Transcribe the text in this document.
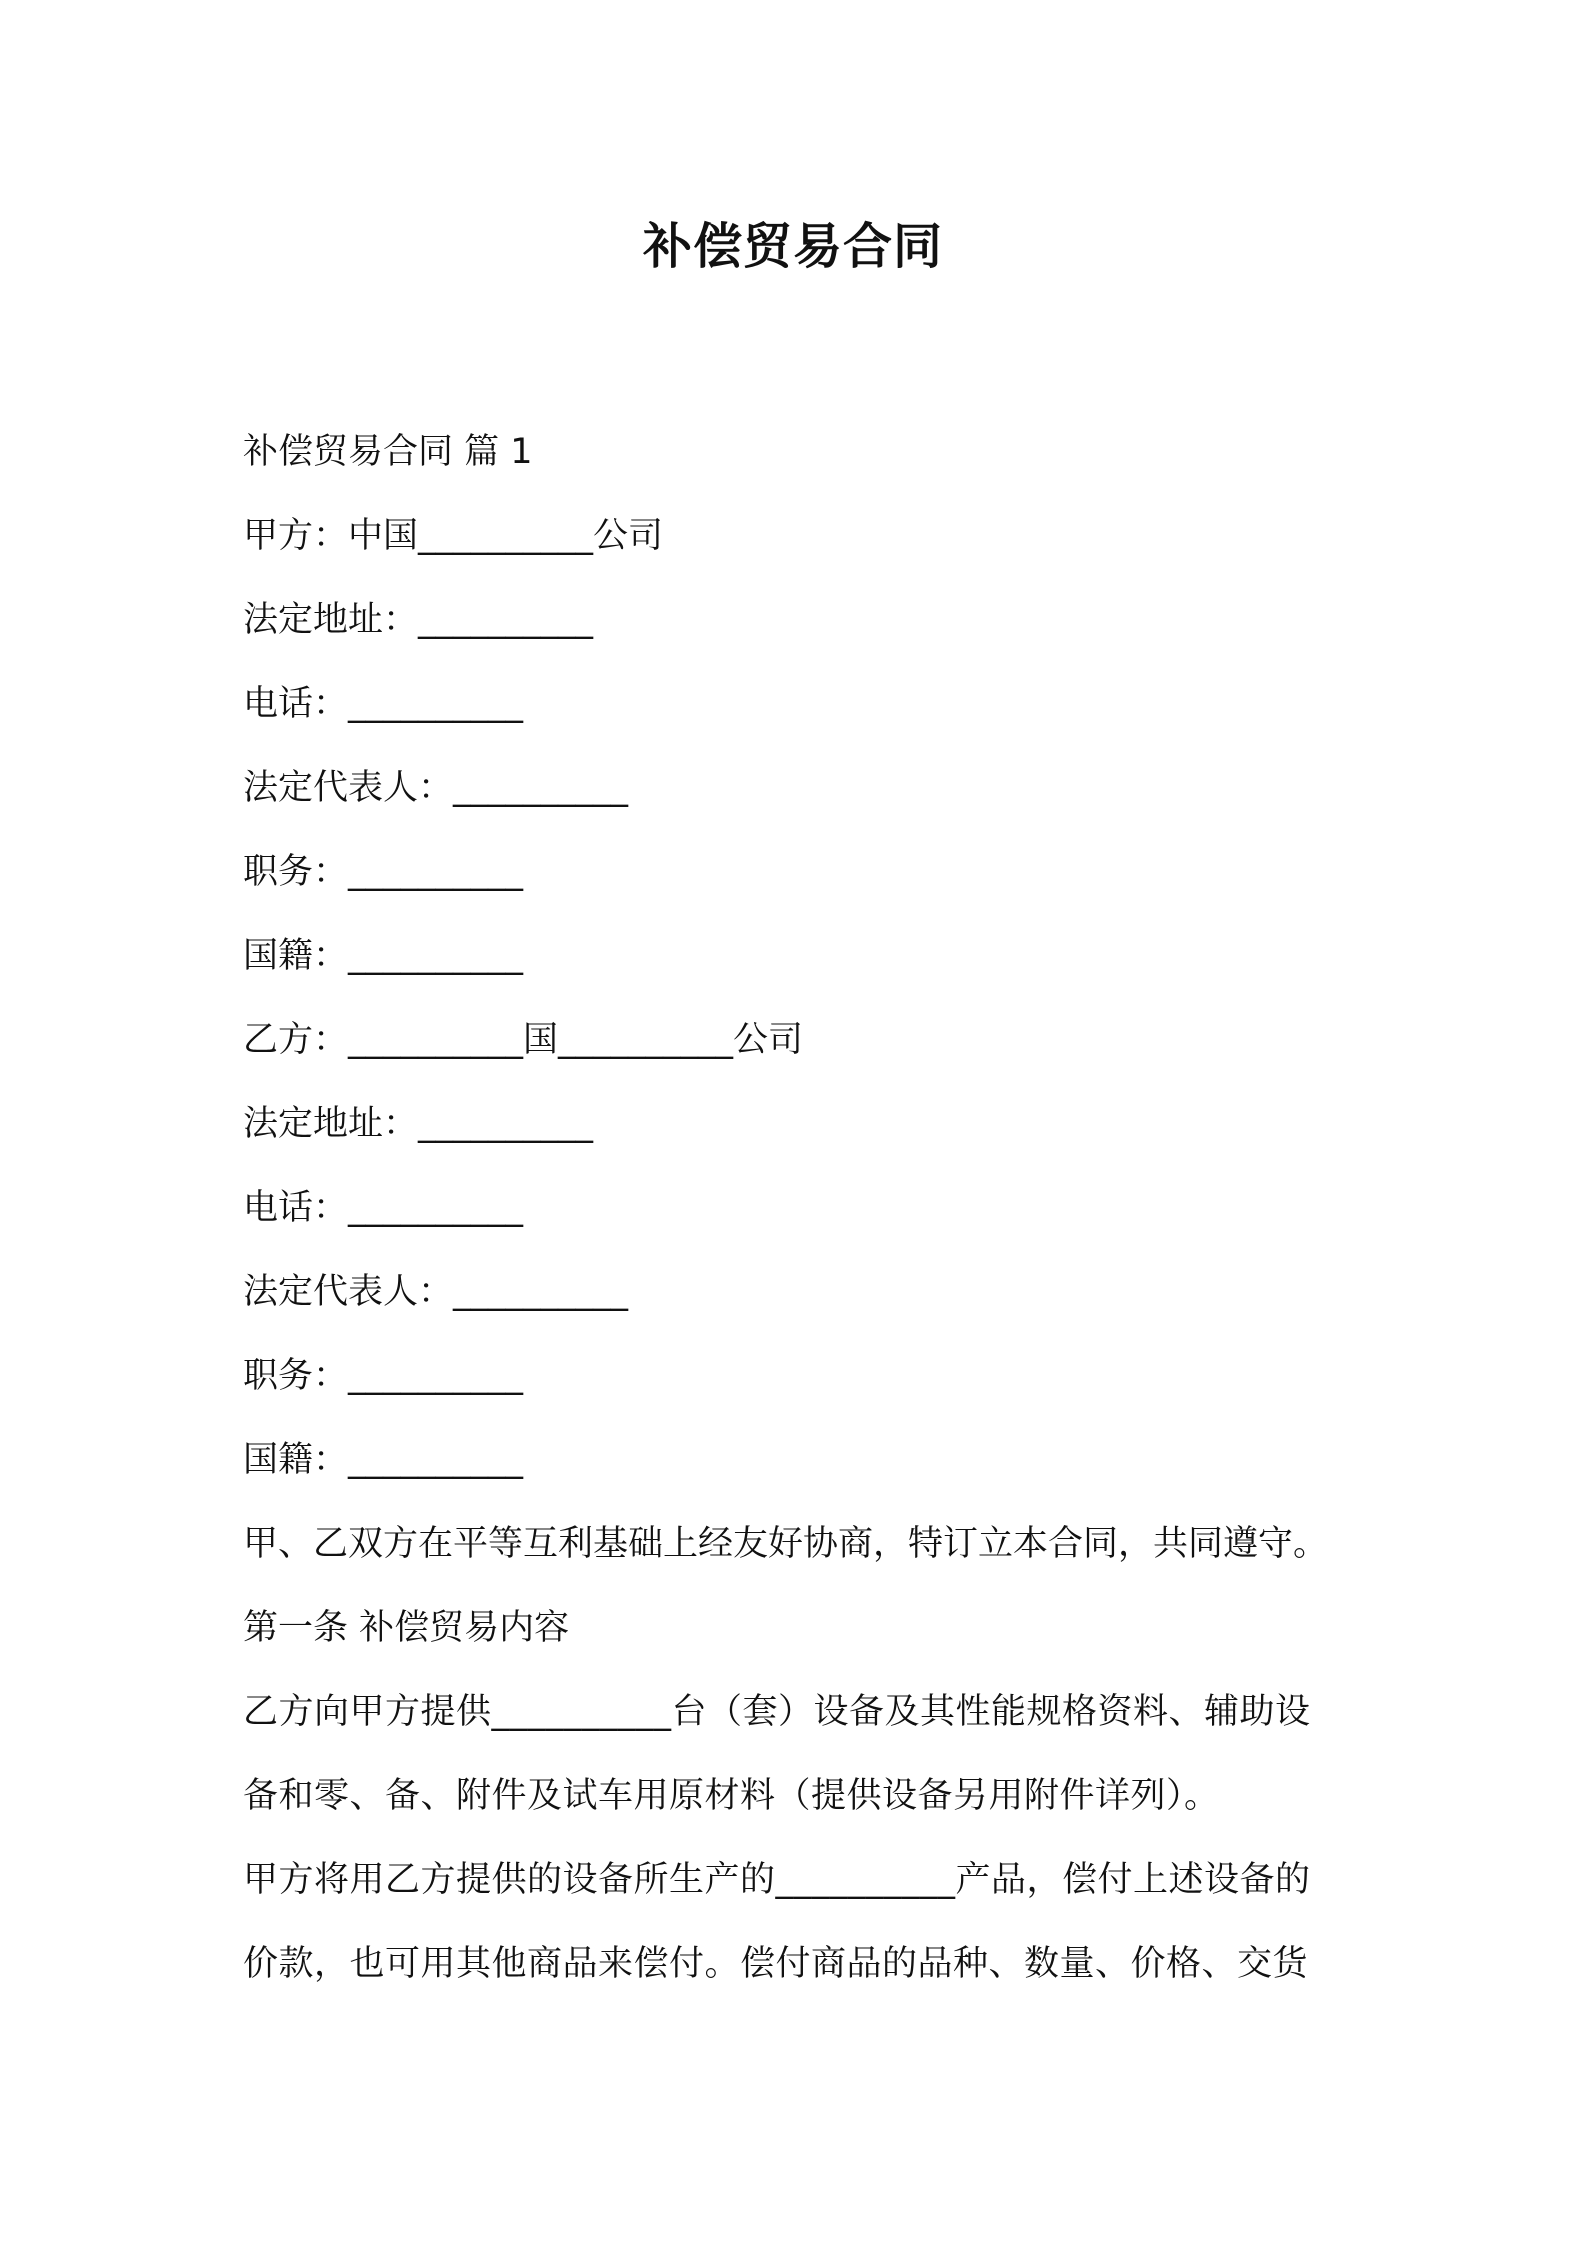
补偿贸易合同
补偿贸易合同 篇 1
甲方：中国__________公司
法定地址：__________
电话：__________
法定代表人：__________
职务：__________
国籍：__________
乙方：__________国__________公司
法定地址：__________
电话：__________
法定代表人：__________
职务：__________
国籍：__________
甲、乙双方在平等互利基础上经友好协商，特订立本合同，共同遵守。
第一条 补偿贸易内容
乙方向甲方提供__________台（套）设备及其性能规格资料、辅助设
备和零、备、附件及试车用原材料（提供设备另用附件详列）。
甲方将用乙方提供的设备所生产的__________产品，偿付上述设备的
价款，也可用其他商品来偿付。偿付商品的品种、数量、价格、交货
